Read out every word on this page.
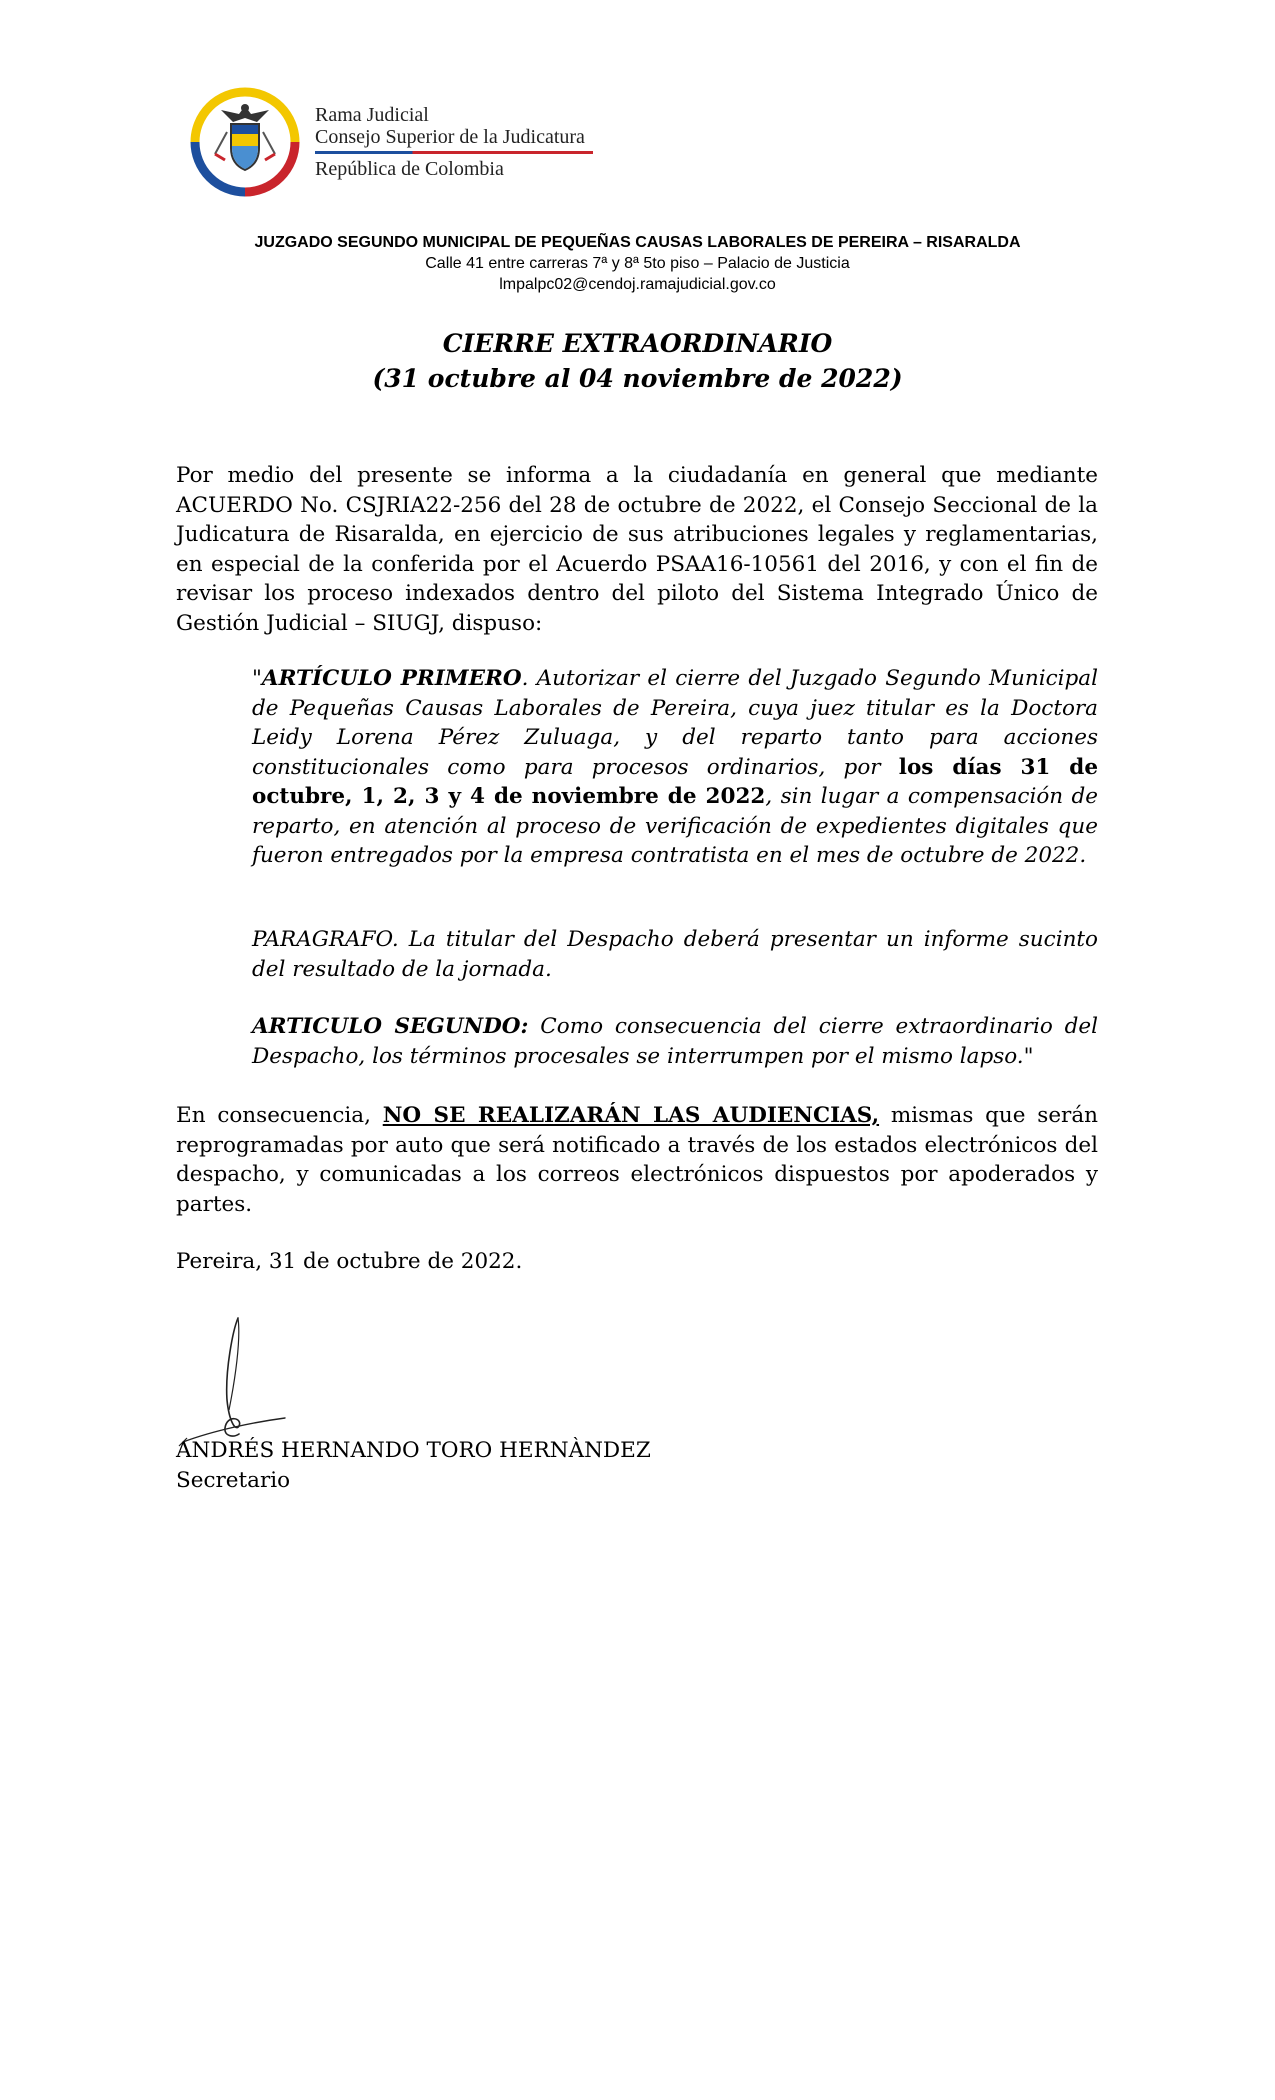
Rama Judicial
Consejo Superior de la Judicatura
República de Colombia
JUZGADO SEGUNDO MUNICIPAL DE PEQUEÑAS CAUSAS LABORALES DE PEREIRA – RISARALDA
Calle 41 entre carreras 7ª y 8ª 5to piso – Palacio de Justicia
lmpalpc02@cendoj.ramajudicial.gov.co
CIERRE EXTRAORDINARIO
(31 octubre al 04 noviembre de 2022)
Por medio del presente se informa a la ciudadanía en general que mediante ACUERDO No. CSJRIA22-256 del 28 de octubre de 2022, el Consejo Seccional de la Judicatura de Risaralda, en ejercicio de sus atribuciones legales y reglamentarias, en especial de la conferida por el Acuerdo PSAA16-10561 del 2016, y con el fin de revisar los proceso indexados dentro del piloto del Sistema Integrado Único de Gestión Judicial – SIUGJ, dispuso:
"ARTÍCULO PRIMERO. Autorizar el cierre del Juzgado Segundo Municipal de Pequeñas Causas Laborales de Pereira, cuya juez titular es la Doctora Leidy Lorena Pérez Zuluaga, y del reparto tanto para acciones constitucionales como para procesos ordinarios, por los días 31 de octubre, 1, 2, 3 y 4 de noviembre de 2022, sin lugar a compensación de reparto, en atención al proceso de verificación de expedientes digitales que fueron entregados por la empresa contratista en el mes de octubre de 2022.
PARAGRAFO. La titular del Despacho deberá presentar un informe sucinto del resultado de la jornada.
ARTICULO SEGUNDO: Como consecuencia del cierre extraordinario del Despacho, los términos procesales se interrumpen por el mismo lapso."
En consecuencia, NO SE REALIZARÁN LAS AUDIENCIAS, mismas que serán reprogramadas por auto que será notificado a través de los estados electrónicos del despacho, y comunicadas a los correos electrónicos dispuestos por apoderados y partes.
Pereira, 31 de octubre de 2022.
ANDRÉS HERNANDO TORO HERNÀNDEZ
Secretario
